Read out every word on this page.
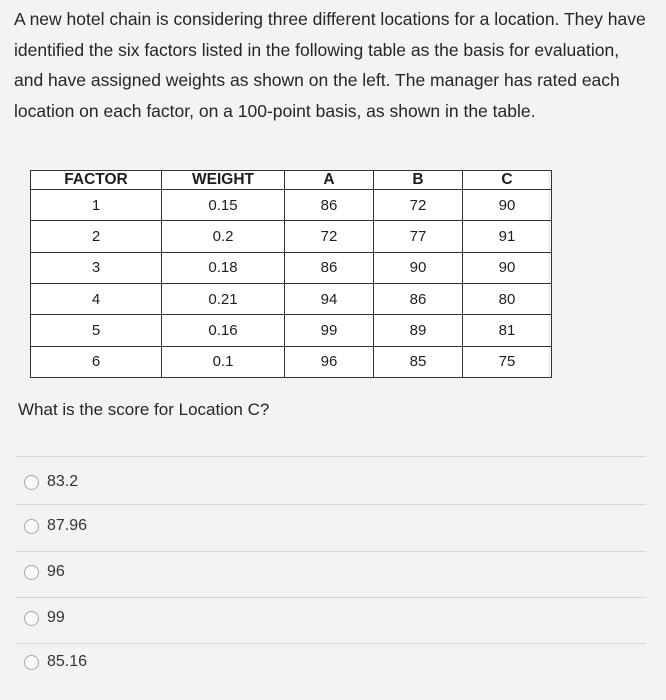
A new hotel chain is considering three different locations for a location. They have identified the six factors listed in the following table as the basis for evaluation, and have assigned weights as shown on the left. The manager has rated each location on each factor, on a 100-point basis, as shown in the table.
FACTOR	WEIGHT	A	B	C
1	0.15	86	72	90
2	0.2	72	77	91
3	0.18	86	90	90
4	0.21	94	86	80
5	0.16	99	89	81
6	0.1	96	85	75
What is the score for Location C?
83.2
87.96
96
99
85.16
